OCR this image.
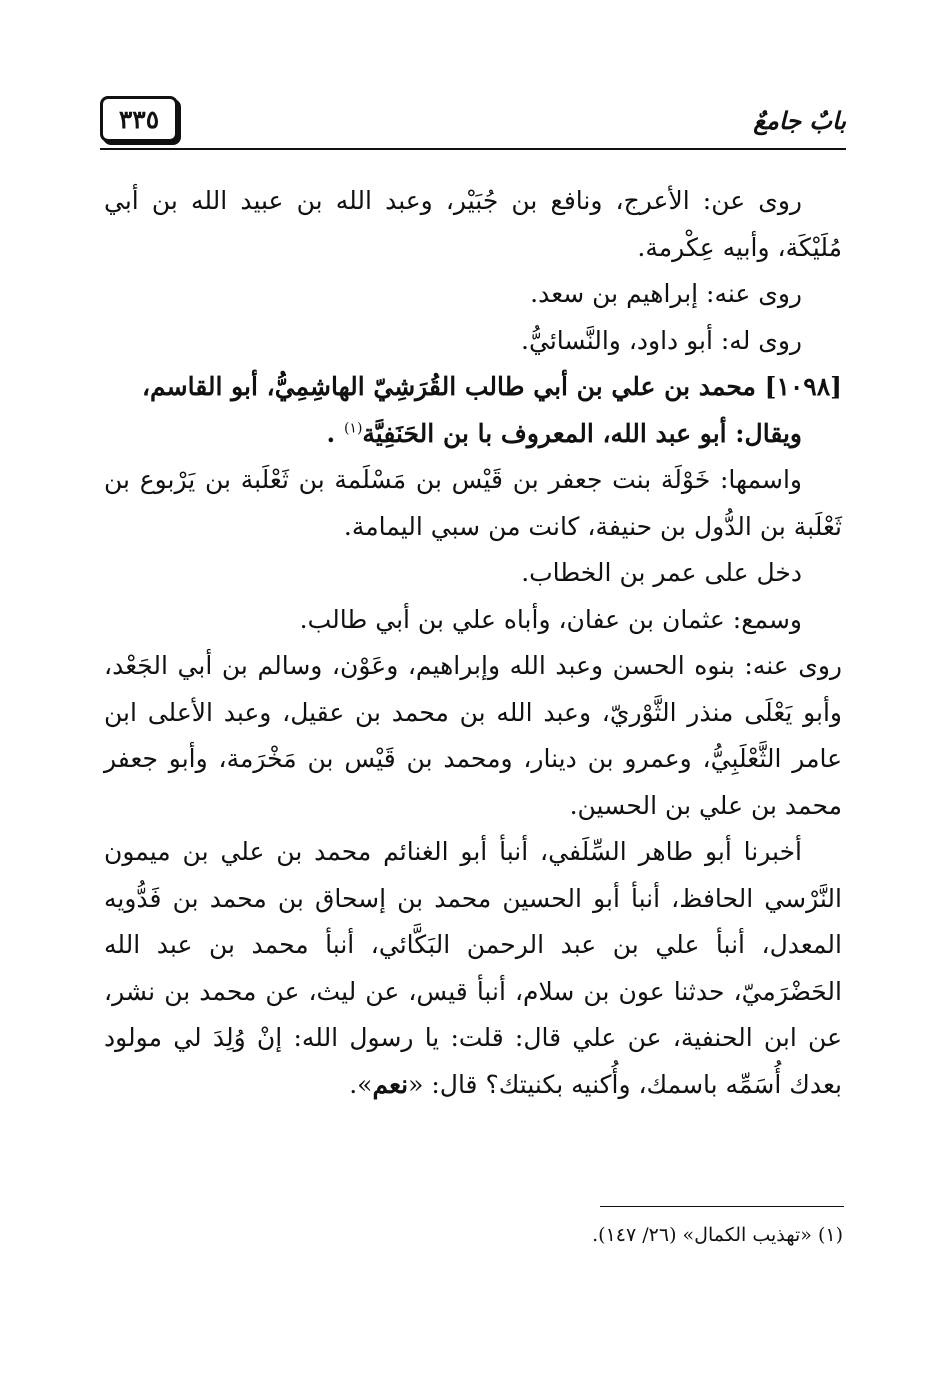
٣٣٥	بابٌ جامعٌ

روى عن: الأعرج، ونافع بن جُبَيْر، وعبد الله بن عبيد الله بن أبي مُلَيْكَة، وأبيه عِكْرمة.

روى عنه: إبراهيم بن سعد.

روى له: أبو داود، والنَّسائيُّ.

[١٠٩٨] محمد بن علي بن أبي طالب القُرَشِيّ الهاشِمِيُّ، أبو القاسم،
ويقال: أبو عبد الله، المعروف با بن الحَنَفِيَّة$^{(١)}$ .

واسمها: خَوْلَة بنت جعفر بن قَيْس بن مَسْلَمة بن ثَعْلَبة بن يَرْبوع بن ثَعْلَبة بن الدُّول بن حنيفة، كانت من سبي اليمامة.

دخل على عمر بن الخطاب.

وسمع: عثمان بن عفان، وأباه علي بن أبي طالب.

روى عنه: بنوه الحسن وعبد الله وإبراهيم، وعَوْن، وسالم بن أبي الجَعْد، وأبو يَعْلَى منذر الثَّوْريّ، وعبد الله بن محمد بن عقيل، وعبد الأعلى ابن عامر الثَّعْلَبِيُّ، وعمرو بن دينار، ومحمد بن قَيْس بن مَخْرَمة، وأبو جعفر محمد بن علي بن الحسين.

أخبرنا أبو طاهر السِّلَفي، أنبأ أبو الغنائم محمد بن علي بن ميمون النَّرْسي الحافظ، أنبأ أبو الحسين محمد بن إسحاق بن محمد بن فَدُّويه المعدل، أنبأ علي بن عبد الرحمن البَكَّائي، أنبأ محمد بن عبد الله الحَضْرَميّ، حدثنا عون بن سلام، أنبأ قيس، عن ليث، عن محمد بن نشر، عن ابن الحنفية، عن علي قال: قلت: يا رسول الله: إنْ وُلِدَ لي مولود بعدك أُسَمِّه باسمك، وأُكنيه بكنيتك؟ قال: «نعم».

(١) «تهذيب الكمال» (٢٦/ ١٤٧).
